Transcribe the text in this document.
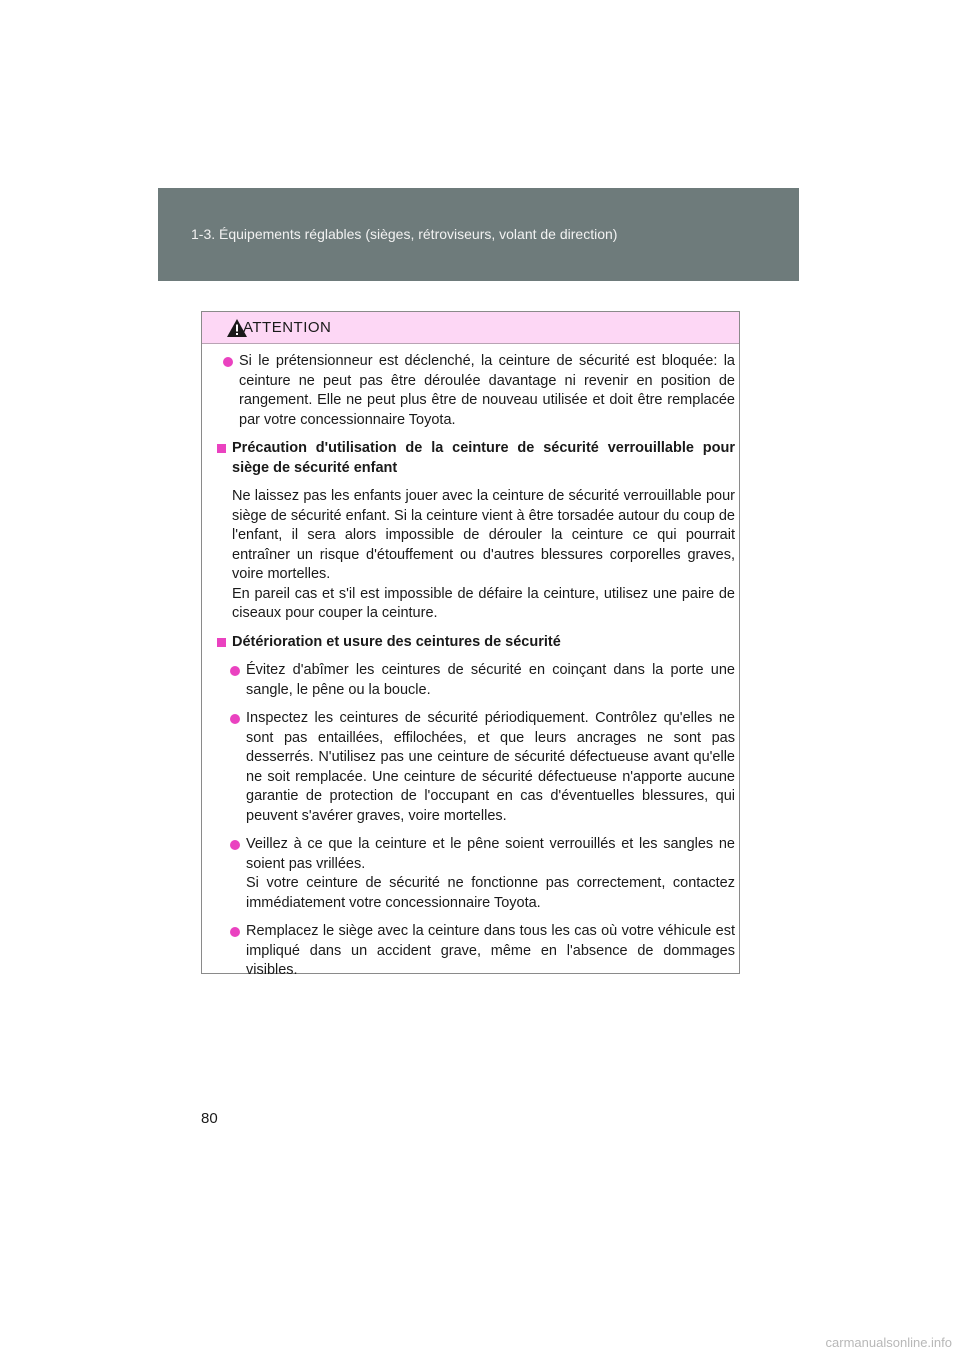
1-3. Équipements réglables (sièges, rétroviseurs, volant de direction)
ATTENTION
Si le prétensionneur est déclenché, la ceinture de sécurité est bloquée: la ceinture ne peut pas être déroulée davantage ni revenir en position de rangement. Elle ne peut plus être de nouveau utilisée et doit être remplacée par votre concessionnaire Toyota.
Précaution d'utilisation de la ceinture de sécurité verrouillable pour siège de sécurité enfant
Ne laissez pas les enfants jouer avec la ceinture de sécurité verrouillable pour siège de sécurité enfant. Si la ceinture vient à être torsadée autour du coup de l'enfant, il sera alors impossible de dérouler la ceinture ce qui pourrait entraîner un risque d'étouffement ou d'autres blessures corporelles graves, voire mortelles.
En pareil cas et s'il est impossible de défaire la ceinture, utilisez une paire de ciseaux pour couper la ceinture.
Détérioration et usure des ceintures de sécurité
Évitez d'abîmer les ceintures de sécurité en coinçant dans la porte une sangle, le pêne ou la boucle.
Inspectez les ceintures de sécurité périodiquement. Contrôlez qu'elles ne sont pas entaillées, effilochées, et que leurs ancrages ne sont pas desserrés. N'utilisez pas une ceinture de sécurité défectueuse avant qu'elle ne soit remplacée. Une ceinture de sécurité défectueuse n'apporte aucune garantie de protection de l'occupant en cas d'éventuelles blessures, qui peuvent s'avérer graves, voire mortelles.
Veillez à ce que la ceinture et le pêne soient verrouillés et les sangles ne soient pas vrillées.
Si votre ceinture de sécurité ne fonctionne pas correctement, contactez immédiatement votre concessionnaire Toyota.
Remplacez le siège avec la ceinture dans tous les cas où votre véhicule est impliqué dans un accident grave, même en l'absence de dommages visibles.
80
carmanualsonline.info
